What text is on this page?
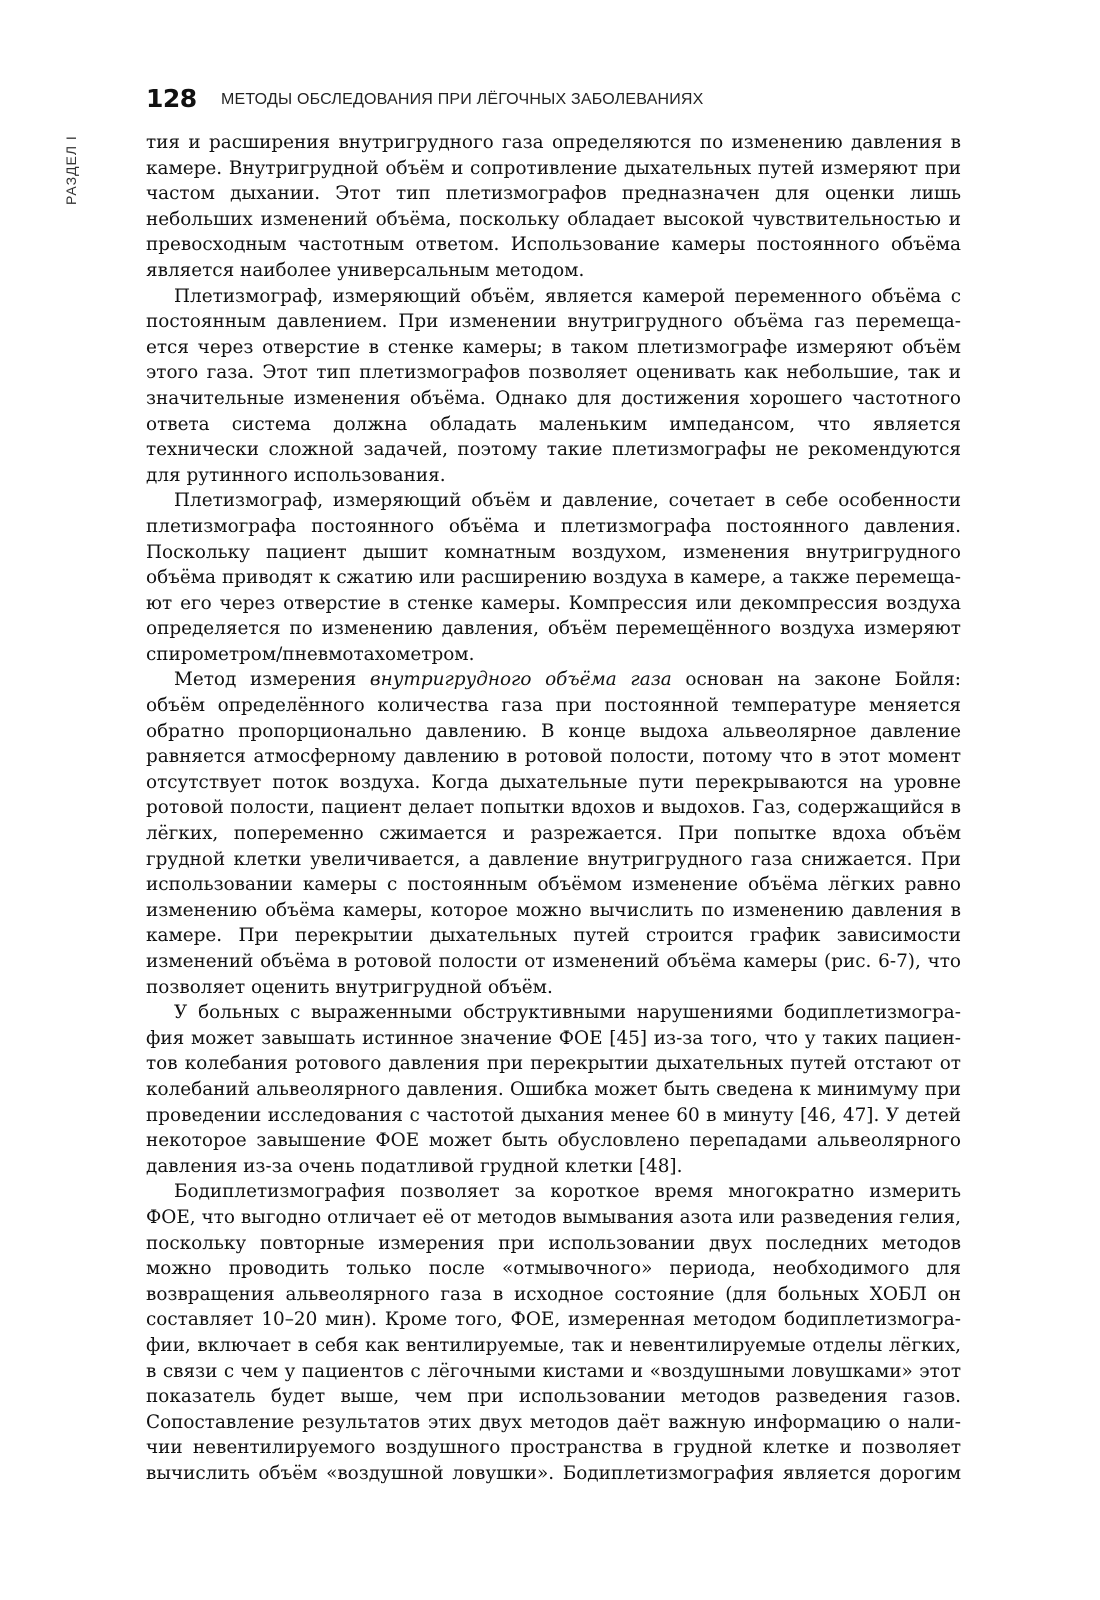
128 МЕТОДЫ ОБСЛЕДОВАНИЯ ПРИ ЛЁГОЧНЫХ ЗАБОЛЕВАНИЯХ
РАЗДЕЛ I	тия и расширения внутригрудного газа определяются по изменению давления в камере. Внутригрудной объём и сопротивление дыхательных путей измеряют при частом дыхании. Этот тип плетизмографов предназначен для оценки лишь небольших изменений объёма, поскольку обладает высокой чувствительностью и превосходным частотным ответом. Использование камеры постоянного объёма является наиболее универсальным методом.

Плетизмограф, измеряющий объём, является камерой переменного объёма с постоянным давлением. При изменении внутригрудного объёма газ перемещается через отверстие в стенке камеры; в таком плетизмографе измеряют объём этого газа. Этот тип плетизмографов позволяет оценивать как небольшие, так и значительные изменения объёма. Однако для достижения хорошего частотного ответа система должна обладать маленьким импедансом, что является технически сложной задачей, поэтому такие плетизмографы не рекомендуются для рутинного использования.

Плетизмограф, измеряющий объём и давление, сочетает в себе особенности плетизмографа постоянного объёма и плетизмографа постоянного давления. Поскольку пациент дышит комнатным воздухом, изменения внутригрудного объёма приводят к сжатию или расширению воздуха в камере, а также перемещают его через отверстие в стенке камеры. Компрессия или декомпрессия воздуха определяется по изменению давления, объём перемещённого воздуха измеряют спирометром/пневмотахометром.

Метод измерения внутригрудного объёма газа основан на законе Бойля: объём определённого количества газа при постоянной температуре меняется обратно пропорционально давлению. В конце выдоха альвеолярное давление равняется атмосферному давлению в ротовой полости, потому что в этот момент отсутствует поток воздуха. Когда дыхательные пути перекрываются на уровне ротовой полости, пациент делает попытки вдохов и выдохов. Газ, содержащийся в лёгких, попеременно сжимается и разрежается. При попытке вдоха объём грудной клетки увеличивается, а давление внутригрудного газа снижается. При использовании камеры с постоянным объёмом изменение объёма лёгких равно изменению объёма камеры, которое можно вычислить по изменению давления в камере. При перекрытии дыхательных путей строится график зависимости изменений объёма в ротовой полости от изменений объёма камеры (рис. 6-7), что позволяет оценить внутригрудной объём.

У больных с выраженными обструктивными нарушениями бодиплетизмография может завышать истинное значение ФОЕ [45] из-за того, что у таких пациентов колебания ротового давления при перекрытии дыхательных путей отстают от колебаний альвеолярного давления. Ошибка может быть сведена к минимуму при проведении исследования с частотой дыхания менее 60 в минуту [46, 47]. У детей некоторое завышение ФОЕ может быть обусловлено перепадами альвеолярного давления из-за очень податливой грудной клетки [48].

Бодиплетизмография позволяет за короткое время многократно измерить ФОЕ, что выгодно отличает её от методов вымывания азота или разведения гелия, поскольку повторные измерения при использовании двух последних методов можно проводить только после «отмывочного» периода, необходимого для возвращения альвеолярного газа в исходное состояние (для больных ХОБЛ он составляет 10–20 мин). Кроме того, ФОЕ, измеренная методом бодиплетизмографии, включает в себя как вентилируемые, так и невентилируемые отделы лёгких, в связи с чем у пациентов с лёгочными кистами и «воздушными ловушками» этот показатель будет выше, чем при использовании методов разведения газов. Сопоставление результатов этих двух методов даёт важную информацию о наличии невентилируемого воздушного пространства в грудной клетке и позволяет вычислить объём «воздушной ловушки». Бодиплетизмография является дорогим
